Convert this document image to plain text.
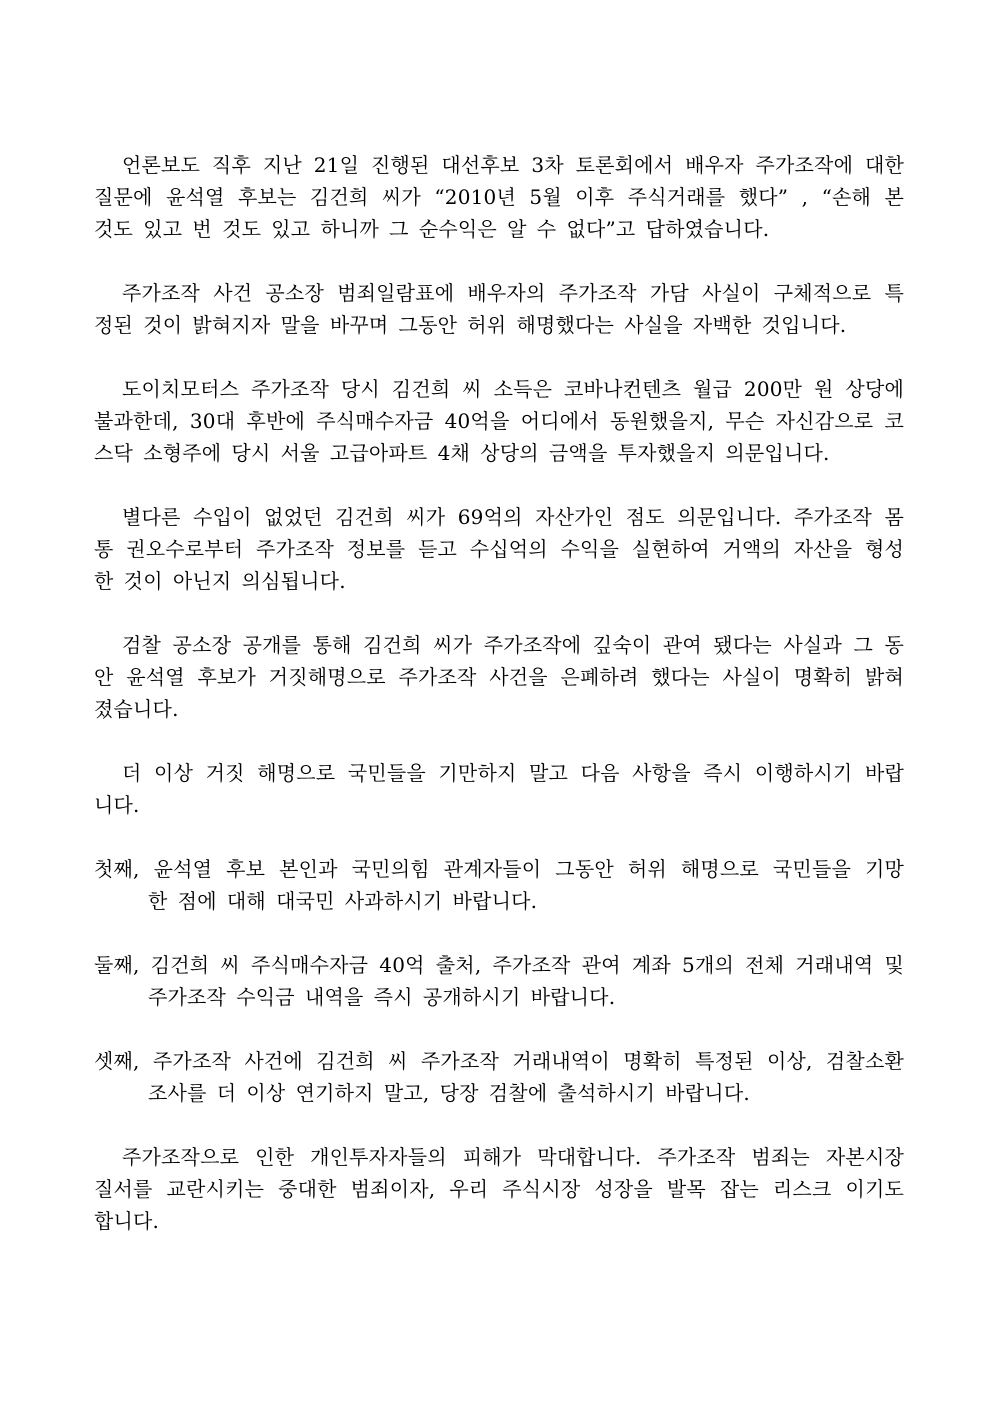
언론보도 직후 지난 21일 진행된 대선후보 3차 토론회에서 배우자 주가조작에 대한
질문에 윤석열 후보는 김건희 씨가 “2010년 5월 이후 주식거래를 했다” , “손해 본
것도 있고 번 것도 있고 하니까 그 순수익은 알 수 없다”고 답하였습니다.
주가조작 사건 공소장 범죄일람표에 배우자의 주가조작 가담 사실이 구체적으로 특
정된 것이 밝혀지자 말을 바꾸며 그동안 허위 해명했다는 사실을 자백한 것입니다.
도이치모터스 주가조작 당시 김건희 씨 소득은 코바나컨텐츠 월급 200만 원 상당에
불과한데, 30대 후반에 주식매수자금 40억을 어디에서 동원했을지, 무슨 자신감으로 코
스닥 소형주에 당시 서울 고급아파트 4채 상당의 금액을 투자했을지 의문입니다.
별다른 수입이 없었던 김건희 씨가 69억의 자산가인 점도 의문입니다. 주가조작 몸
통 권오수로부터 주가조작 정보를 듣고 수십억의 수익을 실현하여 거액의 자산을 형성
한 것이 아닌지 의심됩니다.
검찰 공소장 공개를 통해 김건희 씨가 주가조작에 깊숙이 관여 됐다는 사실과 그 동
안 윤석열 후보가 거짓해명으로 주가조작 사건을 은폐하려 했다는 사실이 명확히 밝혀
졌습니다.
더 이상 거짓 해명으로 국민들을 기만하지 말고 다음 사항을 즉시 이행하시기 바랍
니다.
첫째, 윤석열 후보 본인과 국민의힘 관계자들이 그동안 허위 해명으로 국민들을 기망
한 점에 대해 대국민 사과하시기 바랍니다.
둘째, 김건희 씨 주식매수자금 40억 출처, 주가조작 관여 계좌 5개의 전체 거래내역 및
주가조작 수익금 내역을 즉시 공개하시기 바랍니다.
셋째, 주가조작 사건에 김건희 씨 주가조작 거래내역이 명확히 특정된 이상, 검찰소환
조사를 더 이상 연기하지 말고, 당장 검찰에 출석하시기 바랍니다.
주가조작으로 인한 개인투자자들의 피해가 막대합니다. 주가조작 범죄는 자본시장
질서를 교란시키는 중대한 범죄이자, 우리 주식시장 성장을 발목 잡는 리스크 이기도
합니다.
